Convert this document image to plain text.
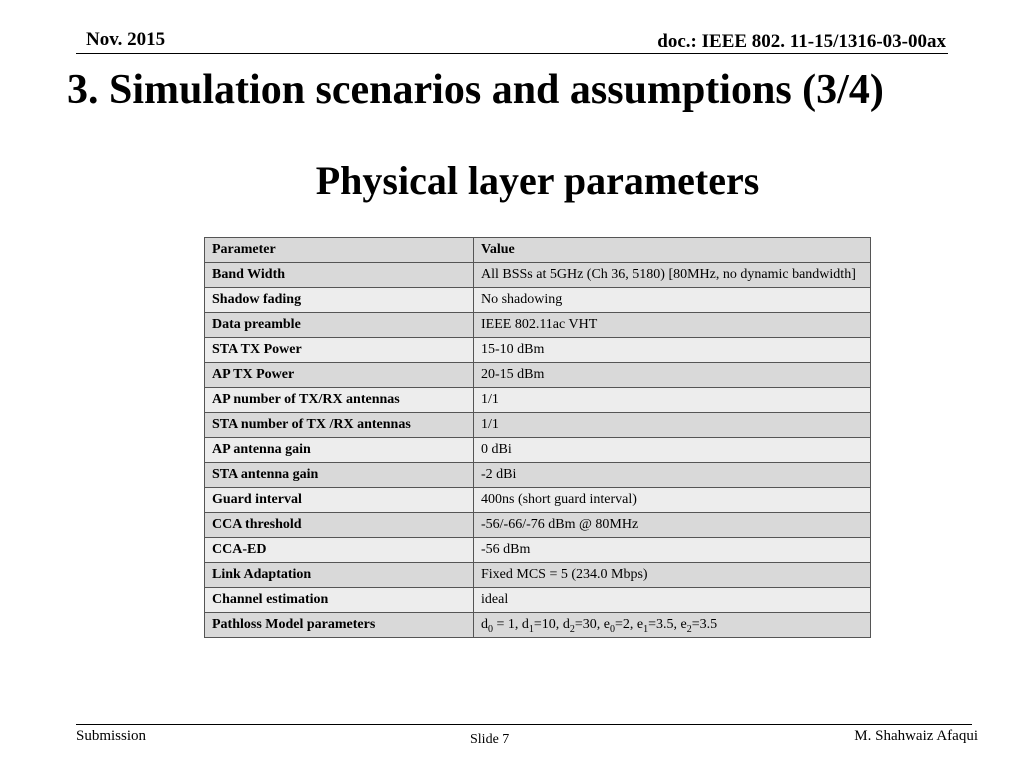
Nov. 2015	doc.: IEEE 802. 11-15/1316-03-00ax
3. Simulation scenarios and assumptions (3/4)
Physical layer parameters
Parameter	Value
Band Width	All BSSs at 5GHz (Ch 36, 5180) [80MHz, no dynamic bandwidth]
Shadow fading	No shadowing
Data preamble	IEEE 802.11ac VHT
STA TX Power	15-10 dBm
AP TX Power	20-15 dBm
AP number of TX/RX antennas	1/1
STA number of TX /RX antennas	1/1
AP antenna gain	0 dBi
STA antenna gain	-2 dBi
Guard interval	400ns (short guard interval)
CCA threshold	-56/-66/-76 dBm @ 80MHz
CCA-ED	-56 dBm
Link Adaptation	Fixed MCS = 5 (234.0 Mbps)
Channel estimation	ideal
Pathloss Model parameters	$d_0 = 1$, $d_1=10$, $d_2=30$, $e_0=2$, $e_1=3.5$, $e_2=3.5$
Submission	Slide 7	M. Shahwaiz Afaqui
